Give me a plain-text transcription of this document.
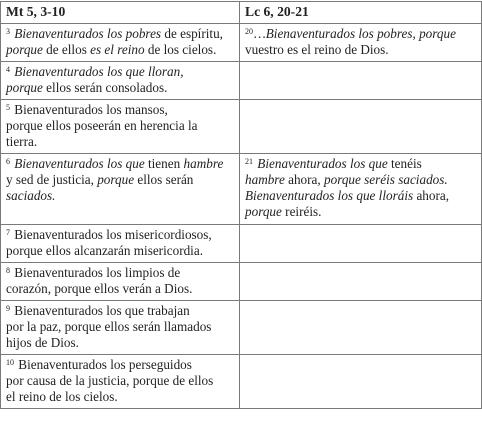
Mt 5, 3-10	Lc 6, 20-21
$^3$ Bienaventurados los pobres de espíritu,
porque de ellos es el reino de los cielos.	$^{20}$…Bienaventurados los pobres, porque
vuestro es el reino de Dios.
$^4$ Bienaventurados los que lloran,
porque ellos serán consolados.	
$^5$ Bienaventurados los mansos,
porque ellos poseerán en herencia la
tierra.	
$^6$ Bienaventurados los que tienen hambre
y sed de justicia, porque ellos serán
saciados.	$^{21}$ Bienaventurados los que tenéis
hambre ahora, porque seréis saciados.
Bienaventurados los que lloráis ahora,
porque reiréis.
$^7$ Bienaventurados los misericordiosos,
porque ellos alcanzarán misericordia.	
$^8$ Bienaventurados los limpios de
corazón, porque ellos verán a Dios.	
$^9$ Bienaventurados los que trabajan
por la paz, porque ellos serán llamados
hijos de Dios.	
$^{10}$ Bienaventurados los perseguidos
por causa de la justicia, porque de ellos
el reino de los cielos.	
